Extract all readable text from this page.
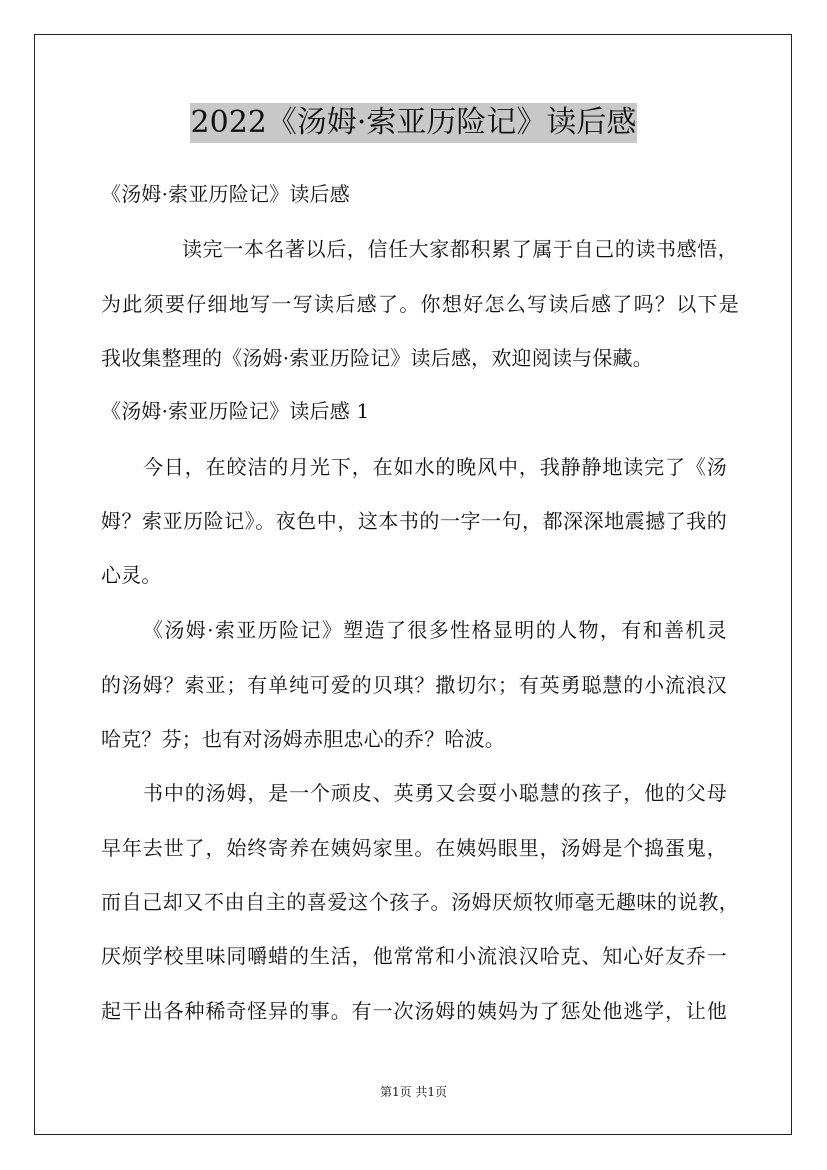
2022《汤姆·索亚历险记》读后感
《汤姆·索亚历险记》读后感
读完一本名著以后，信任大家都积累了属于自己的读书感悟，
为此须要仔细地写一写读后感了。你想好怎么写读后感了吗？以下是
我收集整理的《汤姆·索亚历险记》读后感，欢迎阅读与保藏。
《汤姆·索亚历险记》读后感 1
今日，在皎洁的月光下，在如水的晚风中，我静静地读完了《汤
姆？索亚历险记》。夜色中，这本书的一字一句，都深深地震撼了我的
心灵。
《汤姆·索亚历险记》塑造了很多性格显明的人物，有和善机灵
的汤姆？索亚；有单纯可爱的贝琪？撒切尔；有英勇聪慧的小流浪汉
哈克？芬；也有对汤姆赤胆忠心的乔？哈波。
书中的汤姆，是一个顽皮、英勇又会耍小聪慧的孩子，他的父母
早年去世了，始终寄养在姨妈家里。在姨妈眼里，汤姆是个捣蛋鬼，
而自己却又不由自主的喜爱这个孩子。汤姆厌烦牧师毫无趣味的说教，
厌烦学校里味同嚼蜡的生活，他常常和小流浪汉哈克、知心好友乔一
起干出各种稀奇怪异的事。有一次汤姆的姨妈为了惩处他逃学，让他
第1页 共1页
